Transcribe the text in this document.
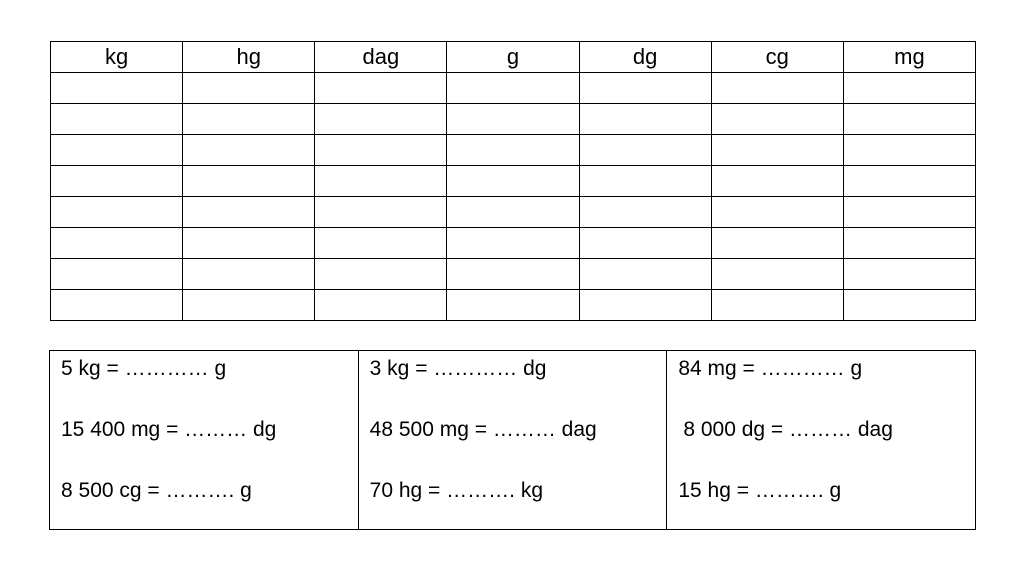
kg	hg	dag	g	dg	cg	mg

5 kg = ………… g
15 400 mg = ……… dg
8 500 cg = ………. g
3 kg = ………… dg
48 500 mg = ……… dag
70 hg = ………. kg
84 mg = ………… g
8 000 dg = ……… dag
15 hg = ………. g
